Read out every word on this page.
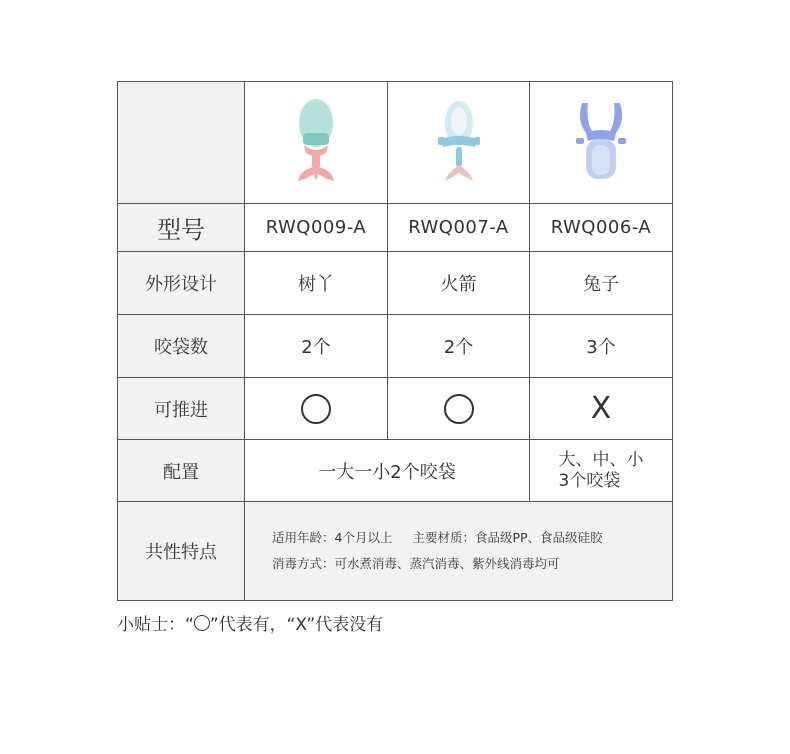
型号	RWQ009-A	RWQ007-A	RWQ006-A
外形设计	树丫	火箭	兔子
咬袋数	2个	2个	3个
可推进			X
配置	一大一小2个咬袋		大、中、小
3个咬袋
共性特点	适用年龄：4个月以上 主要材质：食品级PP、食品级硅胶
消毒方式：可水煮消毒、蒸汽消毒、紫外线消毒均可		
小贴士：“ ”代表有，“X”代表没有
